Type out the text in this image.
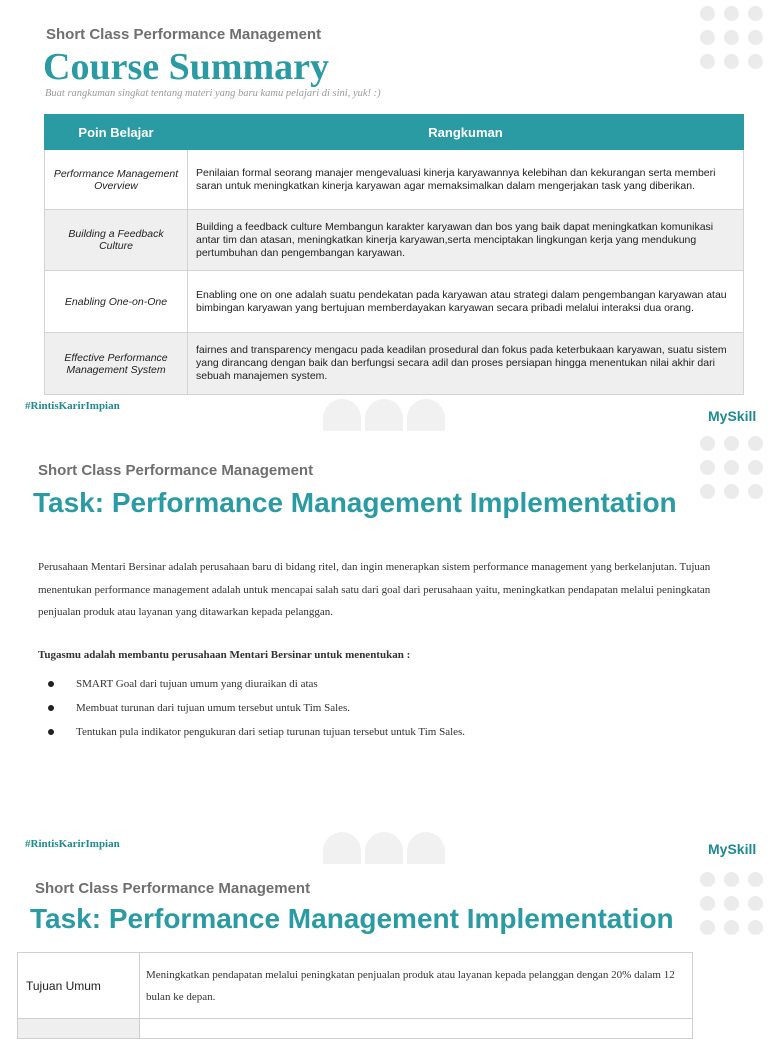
Short Class Performance Management
Course Summary
Buat rangkuman singkat tentang materi yang baru kamu pelajari di sini, yuk! :)
Poin Belajar	Rangkuman
Performance Management Overview	Penilaian formal seorang manajer mengevaluasi kinerja karyawannya kelebihan dan kekurangan serta memberi saran untuk meningkatkan kinerja karyawan agar memaksimalkan dalam mengerjakan task yang diberikan.
Building a Feedback Culture	Building a feedback culture Membangun karakter karyawan dan bos yang baik dapat meningkatkan komunikasi antar tim dan atasan, meningkatkan kinerja karyawan,serta menciptakan lingkungan kerja yang mendukung pertumbuhan dan pengembangan karyawan.
Enabling One-on-One	Enabling one on one adalah suatu pendekatan pada karyawan atau strategi dalam pengembangan karyawan atau bimbingan karyawan yang bertujuan memberdayakan karyawan secara pribadi melalui interaksi dua orang.
Effective Performance Management System	fairnes and transparency mengacu pada keadilan prosedural dan fokus pada keterbukaan karyawan, suatu sistem yang dirancang dengan baik dan berfungsi secara adil dan proses persiapan hingga menentukan nilai akhir dari sebuah manajemen system.
#RintisKarirImpian
MySkill
Short Class Performance Management
Task: Performance Management Implementation
Perusahaan Mentari Bersinar adalah perusahaan baru di bidang ritel, dan ingin menerapkan sistem performance management yang berkelanjutan. Tujuan menentukan performance management adalah untuk mencapai salah satu dari goal dari perusahaan yaitu, meningkatkan pendapatan melalui peningkatan penjualan produk atau layanan yang ditawarkan kepada pelanggan.
Tugasmu adalah membantu perusahaan Mentari Bersinar untuk menentukan :
SMART Goal dari tujuan umum yang diuraikan di atas
Membuat turunan dari tujuan umum tersebut untuk Tim Sales.
Tentukan pula indikator pengukuran dari setiap turunan tujuan tersebut untuk Tim Sales.
#RintisKarirImpian	MySkill
Short Class Performance Management
Task: Performance Management Implementation
Tujuan Umum	Meningkatkan pendapatan melalui peningkatan penjualan produk atau layanan kepada pelanggan dengan 20% dalam 12 bulan ke depan.
